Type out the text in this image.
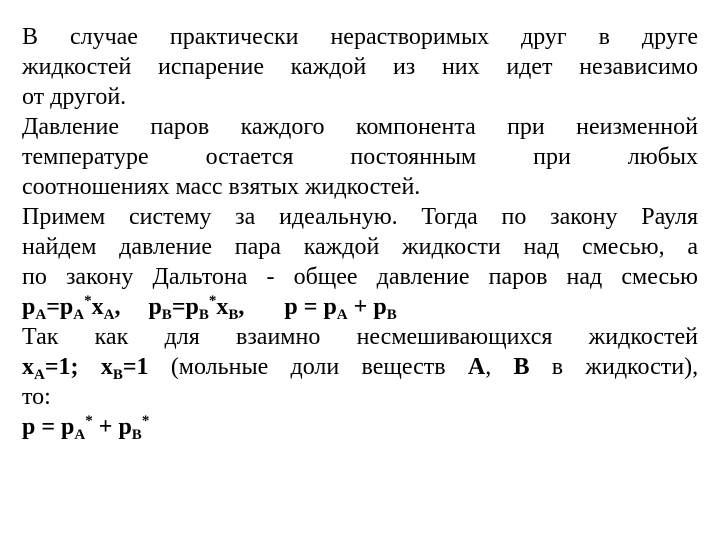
В случае практически нерастворимых друг в друге
жидкостей испарение каждой из них идет независимо
от другой.
Давление паров каждого компонента при неизменной
температуре остается постоянным при любых
соотношениях масс взятых жидкостей.
Примем систему за идеальную. Тогда по закону Рауля
найдем давление пара каждой жидкости над смесью, а
по закону Дальтона - общее давление паров над смесью
$p_A=p_A^*x_A$, $p_B=p_B^*x_B$, $p = p_A + p_B$
Так как для взаимно несмешивающихся жидкостей
$x_A=1$; $x_B=1$ (мольные доли веществ A, B в жидкости),
то:
$p = p_A^* + p_B^*$
